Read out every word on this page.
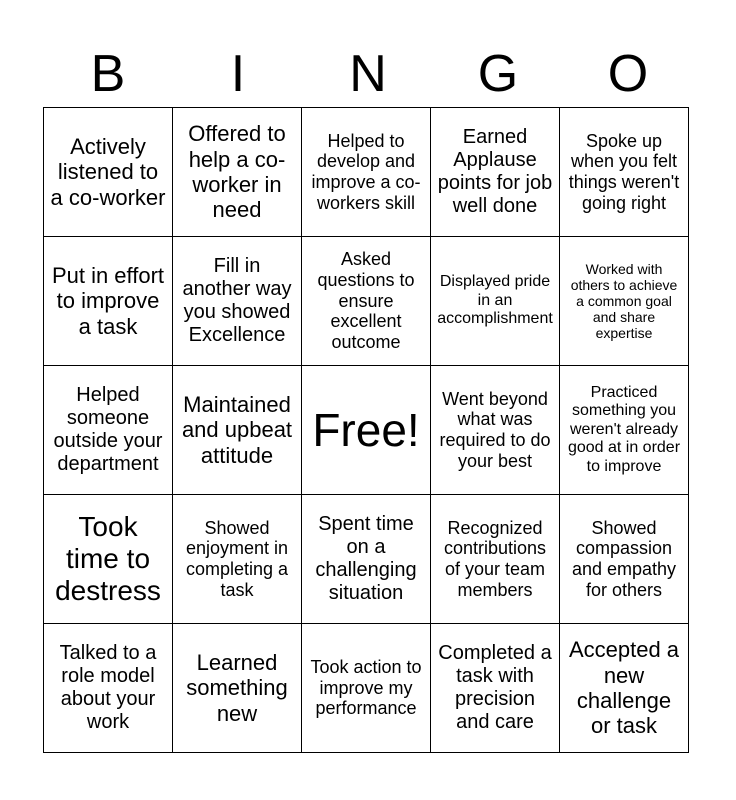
B	I	N	G	O
Actively listened to a co-worker	Offered to help a co-worker in need	Helped to develop and improve a co-workers skill	Earned Applause points for job well done	Spoke up when you felt things weren't going right
Put in effort to improve a task	Fill in another way you showed Excellence	Asked questions to ensure excellent outcome	Displayed pride in an accomplishment	Worked with others to achieve a common goal and share expertise
Helped someone outside your department	Maintained and upbeat attitude	Free!	Went beyond what was required to do your best	Practiced something you weren't already good at in order to improve
Took time to destress	Showed enjoyment in completing a task	Spent time on a challenging situation	Recognized contributions of your team members	Showed compassion and empathy for others
Talked to a role model about your work	Learned something new	Took action to improve my performance	Completed a task with precision and care	Accepted a new challenge or task
